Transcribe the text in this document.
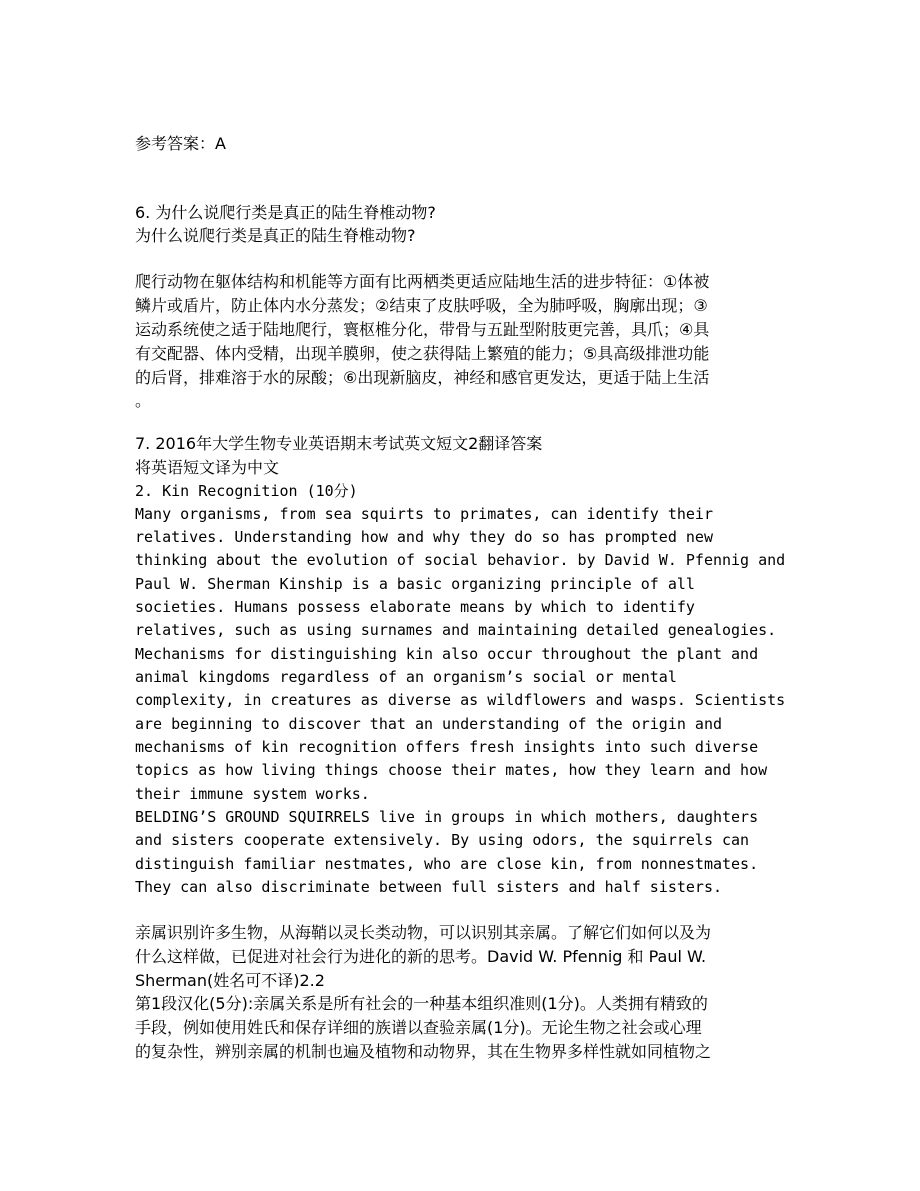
参考答案：A
6. 为什么说爬行类是真正的陆生脊椎动物?
为什么说爬行类是真正的陆生脊椎动物?
爬行动物在躯体结构和机能等方面有比两栖类更适应陆地生活的进步特征：①体被
鳞片或盾片，防止体内水分蒸发；②结束了皮肤呼吸，全为肺呼吸，胸廓出现；③
运动系统使之适于陆地爬行，寰枢椎分化，带骨与五趾型附肢更完善，具爪；④具
有交配器、体内受精，出现羊膜卵，使之获得陆上繁殖的能力；⑤具高级排泄功能
的后肾，排难溶于水的尿酸；⑥出现新脑皮，神经和感官更发达，更适于陆上生活
。
7. 2016年大学生物专业英语期末考试英文短文2翻译答案
将英语短文译为中文
2. Kin Recognition (10分)
Many organisms, from sea squirts to primates, can identify their
relatives. Understanding how and why they do so has prompted new
thinking about the evolution of social behavior. by David W. Pfennig and
Paul W. Sherman Kinship is a basic organizing principle of all
societies. Humans possess elaborate means by which to identify
relatives, such as using surnames and maintaining detailed genealogies.
Mechanisms for distinguishing kin also occur throughout the plant and
animal kingdoms regardless of an organism’s social or mental
complexity, in creatures as diverse as wildflowers and wasps. Scientists
are beginning to discover that an understanding of the origin and
mechanisms of kin recognition offers fresh insights into such diverse
topics as how living things choose their mates, how they learn and how
their immune system works.
BELDING’S GROUND SQUIRRELS live in groups in which mothers, daughters
and sisters cooperate extensively. By using odors, the squirrels can
distinguish familiar nestmates, who are close kin, from nonnestmates.
They can also discriminate between full sisters and half sisters.
亲属识别许多生物，从海鞘以灵长类动物，可以识别其亲属。了解它们如何以及为
什么这样做，已促进对社会行为进化的新的思考。David W. Pfennig 和 Paul W.
Sherman(姓名可不译)2.2
第1段汉化(5分):亲属关系是所有社会的一种基本组织准则(1分)。人类拥有精致的
手段，例如使用姓氏和保存详细的族谱以查验亲属(1分)。无论生物之社会或心理
的复杂性，辨别亲属的机制也遍及植物和动物界，其在生物界多样性就如同植物之
